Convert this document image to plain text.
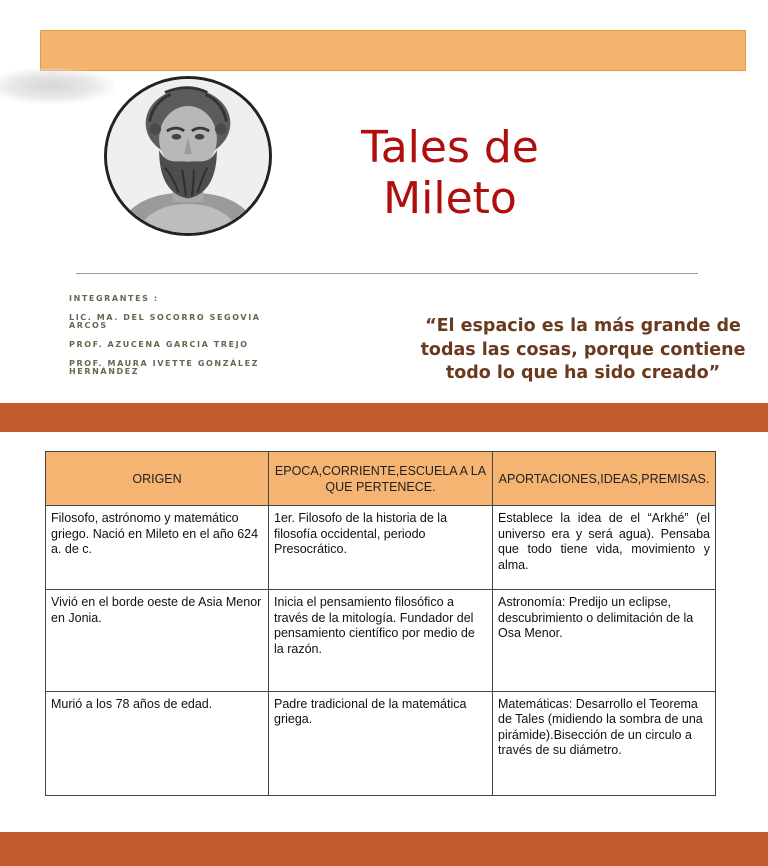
Tales de
Mileto
INTEGRANTES :
LIC. MA. DEL SOCORRO SEGOVIA ARCOS
PROF. AZUCENA GARCIA TREJO
PROF. MAURA IVETTE GONZÁLEZ HERNÁNDEZ
“El espacio es la más grande de todas las cosas, porque contiene todo lo que ha sido creado”
ORIGEN	EPOCA,CORRIENTE,ESCUELA A LA QUE PERTENECE.	APORTACIONES,IDEAS,PREMISAS.
Filosofo, astrónomo y matemático griego. Nació en Mileto en el año 624 a. de c.	1er. Filosofo de la historia de la filosofía occidental, periodo Presocrático.	Establece la idea de el “Arkhé” (el universo era y será agua). Pensaba que todo tiene vida, movimiento y alma.
Vivió en el borde oeste de Asia Menor en Jonia.	Inicia el pensamiento filosófico a través de la mitología. Fundador del pensamiento científico por medio de la razón.	Astronomía: Predijo un eclipse, descubrimiento o delimitación de la Osa Menor.
Murió a los 78 años de edad.	Padre tradicional de la matemática griega.	Matemáticas: Desarrollo el Teorema de Tales (midiendo la sombra de una pirámide).Bisección de un circulo a través de su diámetro.
